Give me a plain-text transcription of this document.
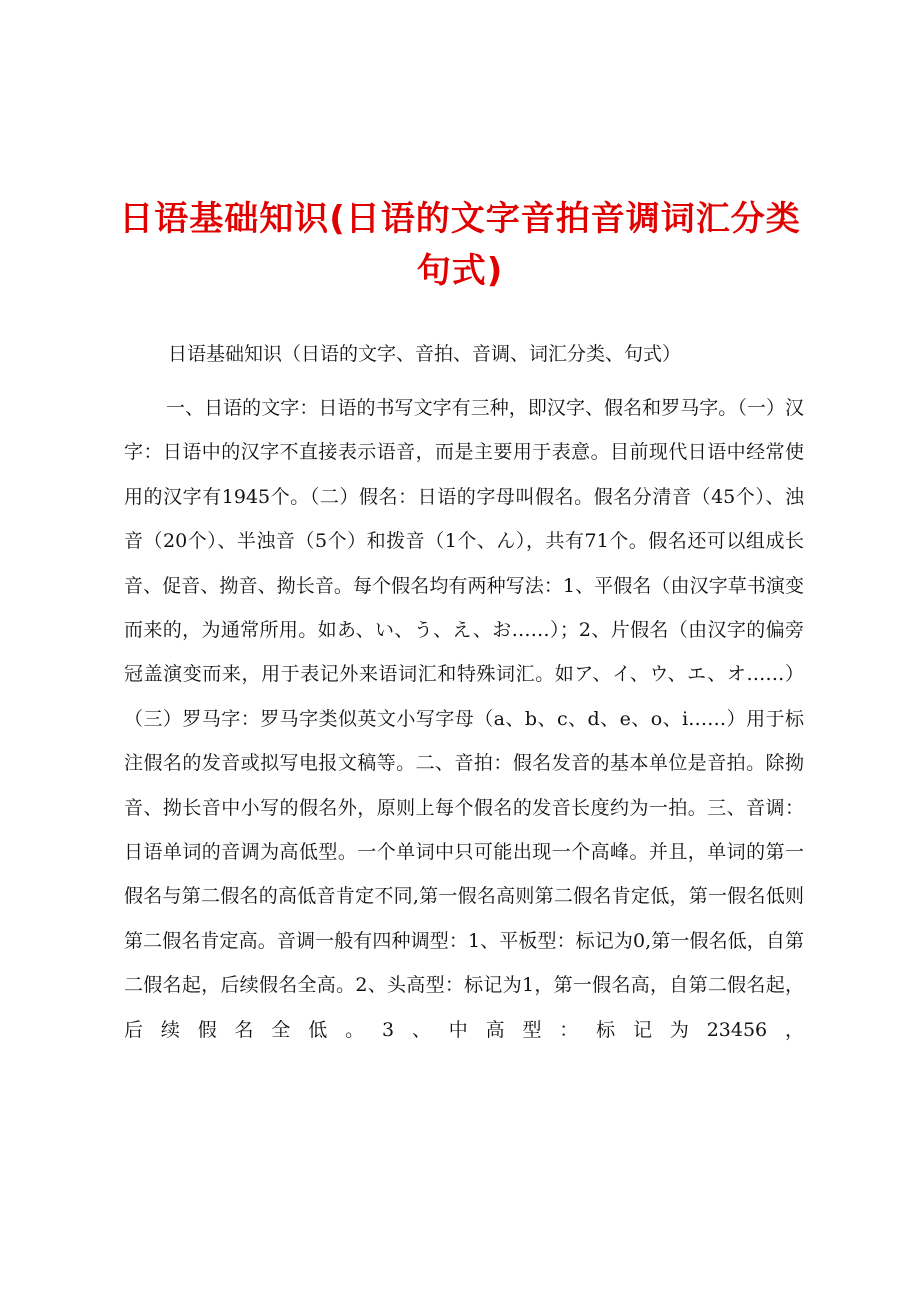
日语基础知识(日语的文字音拍音调词汇分类句式)

日语基础知识（日语的文字、音拍、音调、词汇分类、句式）

一、日语的文字：日语的书写文字有三种，即汉字、假名和罗马字。（一）汉字：日语中的汉字不直接表示语音，而是主要用于表意。目前现代日语中经常使用的汉字有1945个。（二）假名：日语的字母叫假名。假名分清音（45个）、浊音（20个）、半浊音（5个）和拨音（1个、ん），共有71个。假名还可以组成长音、促音、拗音、拗长音。每个假名均有两种写法：1、平假名（由汉字草书演变而来的，为通常所用。如あ、い、う、え、お……）；2、片假名（由汉字的偏旁冠盖演变而来，用于表记外来语词汇和特殊词汇。如ア、イ、ウ、エ、オ……）（三）罗马字：罗马字类似英文小写字母（a、b、c、d、e、o、i……）用于标注假名的发音或拟写电报文稿等。二、音拍：假名发音的基本单位是音拍。除拗音、拗长音中小写的假名外，原则上每个假名的发音长度约为一拍。三、音调：日语单词的音调为高低型。一个单词中只可能出现一个高峰。并且，单词的第一假名与第二假名的高低音肯定不同,第一假名高则第二假名肯定低，第一假名低则第二假名肯定高。音调一般有四种调型：1、平板型：标记为0,第一假名低，自第二假名起，后续假名全高。2、头高型：标记为1，第一假名高，自第二假名起，后续假名全低。3、中高型：标记为23456，
